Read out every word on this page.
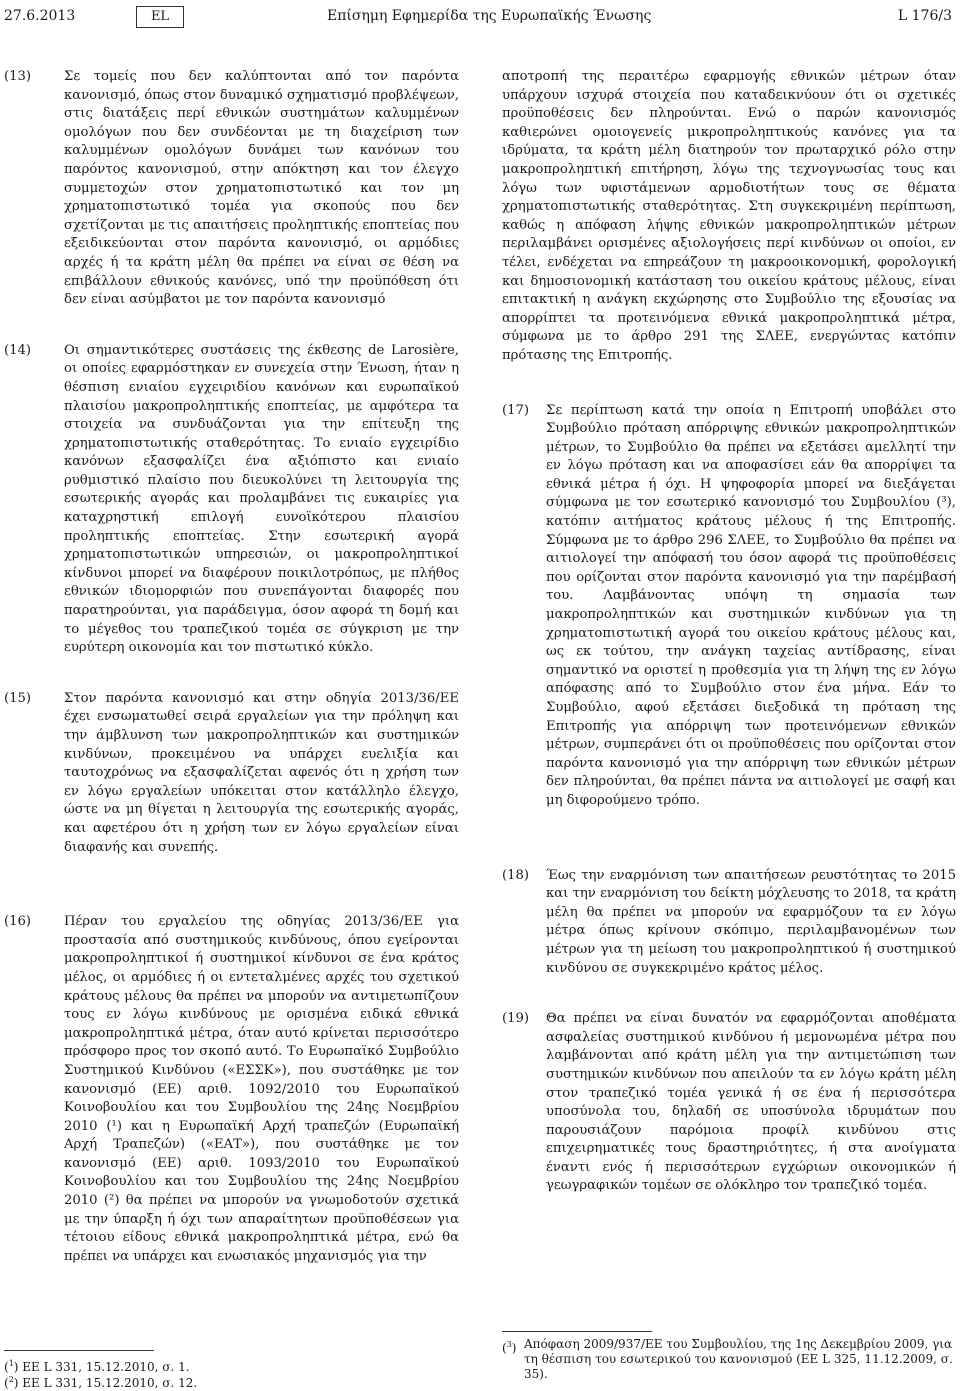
27.6.2013	EL	Επίσημη Εφημερίδα της Ευρωπαϊκής Ένωσης	L 176/3
(13) Σε τομείς που δεν καλύπτονται από τον παρόντα κανονισμό, όπως στον δυναμικό σχηματισμό προβλέψεων, στις διατάξεις περί εθνικών συστημάτων καλυμμένων ομολόγων που δεν συνδέονται με τη διαχείριση των καλυμμένων ομολόγων δυνάμει των κανόνων του παρόντος κανονισμού, στην απόκτηση και τον έλεγχο συμμετοχών στον χρηματοπιστωτικό και τον μη χρηματοπιστωτικό τομέα για σκοπούς που δεν σχετίζονται με τις απαιτήσεις προληπτικής εποπτείας που εξειδικεύονται στον παρόντα κανονισμό, οι αρμόδιες αρχές ή τα κράτη μέλη θα πρέπει να είναι σε θέση να επιβάλλουν εθνικούς κανόνες, υπό την προϋπόθεση ότι δεν είναι ασύμβατοι με τον παρόντα κανονισμό
(14) Οι σημαντικότερες συστάσεις της έκθεσης de Larosière, οι οποίες εφαρμόστηκαν εν συνεχεία στην Ένωση, ήταν η θέσπιση ενιαίου εγχειριδίου κανόνων και ευρωπαϊκού πλαισίου μακροπροληπτικής εποπτείας, με αμφότερα τα στοιχεία να συνδυάζονται για την επίτευξη της χρηματοπιστωτικής σταθερότητας. Το ενιαίο εγχειρίδιο κανόνων εξασφαλίζει ένα αξιόπιστο και ενιαίο ρυθμιστικό πλαίσιο που διευκολύνει τη λειτουργία της εσωτερικής αγοράς και προλαμβάνει τις ευκαιρίες για καταχρηστική επιλογή ευνοϊκότερου πλαισίου προληπτικής εποπτείας. Στην εσωτερική αγορά χρηματοπιστωτικών υπηρεσιών, οι μακροπροληπτικοί κίνδυνοι μπορεί να διαφέρουν ποικιλοτρόπως, με πλήθος εθνικών ιδιομορφιών που συνεπάγονται διαφορές που παρατηρούνται, για παράδειγμα, όσον αφορά τη δομή και το μέγεθος του τραπεζικού τομέα σε σύγκριση με την ευρύτερη οικονομία και τον πιστωτικό κύκλο.
(15) Στον παρόντα κανονισμό και στην οδηγία 2013/36/ΕΕ έχει ενσωματωθεί σειρά εργαλείων για την πρόληψη και την άμβλυνση των μακροπροληπτικών και συστημικών κινδύνων, προκειμένου να υπάρχει ευελιξία και ταυτοχρόνως να εξασφαλίζεται αφενός ότι η χρήση των εν λόγω εργαλείων υπόκειται στον κατάλληλο έλεγχο, ώστε να μη θίγεται η λειτουργία της εσωτερικής αγοράς, και αφετέρου ότι η χρήση των εν λόγω εργαλείων είναι διαφανής και συνεπής.
(16) Πέραν του εργαλείου της οδηγίας 2013/36/ΕΕ για προστασία από συστημικούς κινδύνους, όπου εγείρονται μακροπροληπτικοί ή συστημικοί κίνδυνοι σε ένα κράτος μέλος, οι αρμόδιες ή οι εντεταλμένες αρχές του σχετικού κράτους μέλους θα πρέπει να μπορούν να αντιμετωπίζουν τους εν λόγω κινδύνους με ορισμένα ειδικά εθνικά μακροπροληπτικά μέτρα, όταν αυτό κρίνεται περισσότερο πρόσφορο προς τον σκοπό αυτό. Το Ευρωπαϊκό Συμβούλιο Συστημικού Κινδύνου («ΕΣΣΚ»), που συστάθηκε με τον κανονισμό (ΕΕ) αριθ. 1092/2010 του Ευρωπαϊκού Κοινοβουλίου και του Συμβουλίου της 24ης Νοεμβρίου 2010 (¹) και η Ευρωπαϊκή Αρχή τραπεζών (Ευρωπαϊκή Αρχή Τραπεζών) («ΕΑΤ»), που συστάθηκε με τον κανονισμό (ΕΕ) αριθ. 1093/2010 του Ευρωπαϊκού Κοινοβουλίου και του Συμβουλίου της 24ης Νοεμβρίου 2010 (²) θα πρέπει να μπορούν να γνωμοδοτούν σχετικά με την ύπαρξη ή όχι των απαραίτητων προϋποθέσεων για τέτοιου είδους εθνικά μακροπροληπτικά μέτρα, ενώ θα πρέπει να υπάρχει και ενωσιακός μηχανισμός για την
αποτροπή της περαιτέρω εφαρμογής εθνικών μέτρων όταν υπάρχουν ισχυρά στοιχεία που καταδεικνύουν ότι οι σχετικές προϋποθέσεις δεν πληρούνται. Ενώ ο παρών κανονισμός καθιερώνει ομοιογενείς μικροπροληπτικούς κανόνες για τα ιδρύματα, τα κράτη μέλη διατηρούν τον πρωταρχικό ρόλο στην μακροπροληπτική επιτήρηση, λόγω της τεχνογνωσίας τους και λόγω των υφιστάμενων αρμοδιοτήτων τους σε θέματα χρηματοπιστωτικής σταθερότητας. Στη συγκεκριμένη περίπτωση, καθώς η απόφαση λήψης εθνικών μακροπροληπτικών μέτρων περιλαμβάνει ορισμένες αξιολογήσεις περί κινδύνων οι οποίοι, εν τέλει, ενδέχεται να επηρεάζουν τη μακροοικονομική, φορολογική και δημοσιονομική κατάσταση του οικείου κράτους μέλους, είναι επιτακτική η ανάγκη εκχώρησης στο Συμβούλιο της εξουσίας να απορρίπτει τα προτεινόμενα εθνικά μακροπροληπτικά μέτρα, σύμφωνα με το άρθρο 291 της ΣΛΕΕ, ενεργώντας κατόπιν πρότασης της Επιτροπής.
(17) Σε περίπτωση κατά την οποία η Επιτροπή υποβάλει στο Συμβούλιο πρόταση απόρριψης εθνικών μακροπροληπτικών μέτρων, το Συμβούλιο θα πρέπει να εξετάσει αμελλητί την εν λόγω πρόταση και να αποφασίσει εάν θα απορρίψει τα εθνικά μέτρα ή όχι. Η ψηφοφορία μπορεί να διεξάγεται σύμφωνα με τον εσωτερικό κανονισμό του Συμβουλίου (³), κατόπιν αιτήματος κράτους μέλους ή της Επιτροπής. Σύμφωνα με το άρθρο 296 ΣΛΕΕ, το Συμβούλιο θα πρέπει να αιτιολογεί την απόφασή του όσον αφορά τις προϋποθέσεις που ορίζονται στον παρόντα κανονισμό για την παρέμβασή του. Λαμβάνοντας υπόψη τη σημασία των μακροπροληπτικών και συστημικών κινδύνων για τη χρηματοπιστωτική αγορά του οικείου κράτους μέλους και, ως εκ τούτου, την ανάγκη ταχείας αντίδρασης, είναι σημαντικό να οριστεί η προθεσμία για τη λήψη της εν λόγω απόφασης από το Συμβούλιο στον ένα μήνα. Εάν το Συμβούλιο, αφού εξετάσει διεξοδικά τη πρόταση της Επιτροπής για απόρριψη των προτεινόμενων εθνικών μέτρων, συμπεράνει ότι οι προϋποθέσεις που ορίζονται στον παρόντα κανονισμό για την απόρριψη των εθνικών μέτρων δεν πληρούνται, θα πρέπει πάντα να αιτιολογεί με σαφή και μη διφορούμενο τρόπο.
(18) Έως την εναρμόνιση των απαιτήσεων ρευστότητας το 2015 και την εναρμόνιση του δείκτη μόχλευσης το 2018, τα κράτη μέλη θα πρέπει να μπορούν να εφαρμόζουν τα εν λόγω μέτρα όπως κρίνουν σκόπιμο, περιλαμβανομένων των μέτρων για τη μείωση του μακροπροληπτικού ή συστημικού κινδύνου σε συγκεκριμένο κράτος μέλος.
(19) Θα πρέπει να είναι δυνατόν να εφαρμόζονται αποθέματα ασφαλείας συστημικού κινδύνου ή μεμονωμένα μέτρα που λαμβάνονται από κράτη μέλη για την αντιμετώπιση των συστημικών κινδύνων που απειλούν τα εν λόγω κράτη μέλη στον τραπεζικό τομέα γενικά ή σε ένα ή περισσότερα υποσύνολα του, δηλαδή σε υποσύνολα ιδρυμάτων που παρουσιάζουν παρόμοια προφίλ κινδύνου στις επιχειρηματικές τους δραστηριότητες, ή στα ανοίγματα έναντι ενός ή περισσότερων εγχώριων οικονομικών ή γεωγραφικών τομέων σε ολόκληρο τον τραπεζικό τομέα.
($^1$) ΕΕ L 331, 15.12.2010, σ. 1.
($^2$) ΕΕ L 331, 15.12.2010, σ. 12.
($^3$) Απόφαση 2009/937/ΕΕ του Συμβουλίου, της 1ης Δεκεμβρίου 2009, για τη θέσπιση του εσωτερικού του κανονισμού (ΕΕ L 325, 11.12.2009, σ. 35).
